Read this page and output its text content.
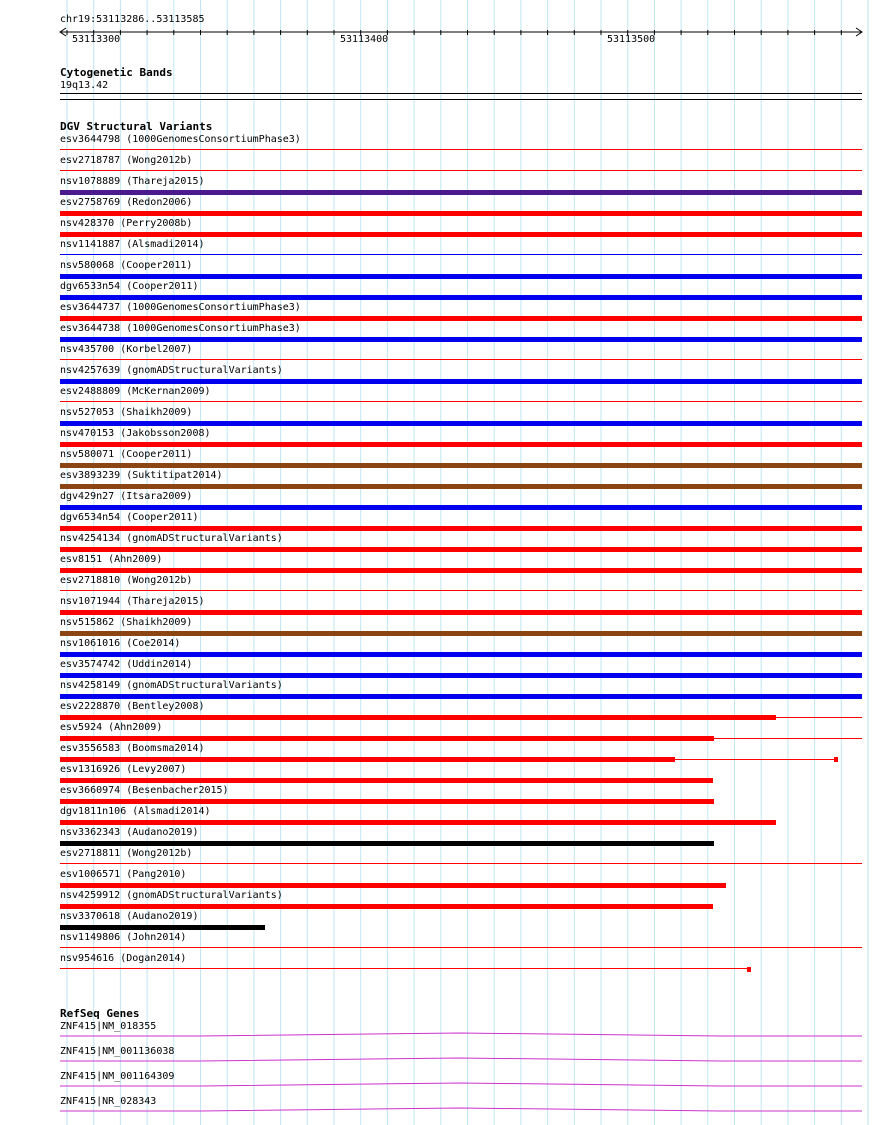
chr19:53113286..53113585
53113300	53113400	53113500
Cytogenetic Bands
19q13.42
DGV Structural Variants
esv3644798 (1000GenomesConsortiumPhase3)
esv2718787 (Wong2012b)
nsv1078889 (Thareja2015)
esv2758769 (Redon2006)
nsv428370 (Perry2008b)
nsv1141887 (Alsmadi2014)
nsv580068 (Cooper2011)
dgv6533n54 (Cooper2011)
esv3644737 (1000GenomesConsortiumPhase3)
esv3644738 (1000GenomesConsortiumPhase3)
nsv435700 (Korbel2007)
nsv4257639 (gnomADStructuralVariants)
esv2488809 (McKernan2009)
nsv527053 (Shaikh2009)
nsv470153 (Jakobsson2008)
nsv580071 (Cooper2011)
esv3893239 (Suktitipat2014)
dgv429n27 (Itsara2009)
dgv6534n54 (Cooper2011)
nsv4254134 (gnomADStructuralVariants)
esv8151 (Ahn2009)
esv2718810 (Wong2012b)
nsv1071944 (Thareja2015)
nsv515862 (Shaikh2009)
nsv1061016 (Coe2014)
esv3574742 (Uddin2014)
nsv4258149 (gnomADStructuralVariants)
esv2228870 (Bentley2008)
esv5924 (Ahn2009)
esv3556583 (Boomsma2014)
esv1316926 (Levy2007)
esv3660974 (Besenbacher2015)
dgv1811n106 (Alsmadi2014)
nsv3362343 (Audano2019)
esv2718811 (Wong2012b)
esv1006571 (Pang2010)
nsv4259912 (gnomADStructuralVariants)
nsv3370618 (Audano2019)
nsv1149806 (John2014)
nsv954616 (Dogan2014)
RefSeq Genes
ZNF415|NM_018355
ZNF415|NM_001136038
ZNF415|NM_001164309
ZNF415|NR_028343
